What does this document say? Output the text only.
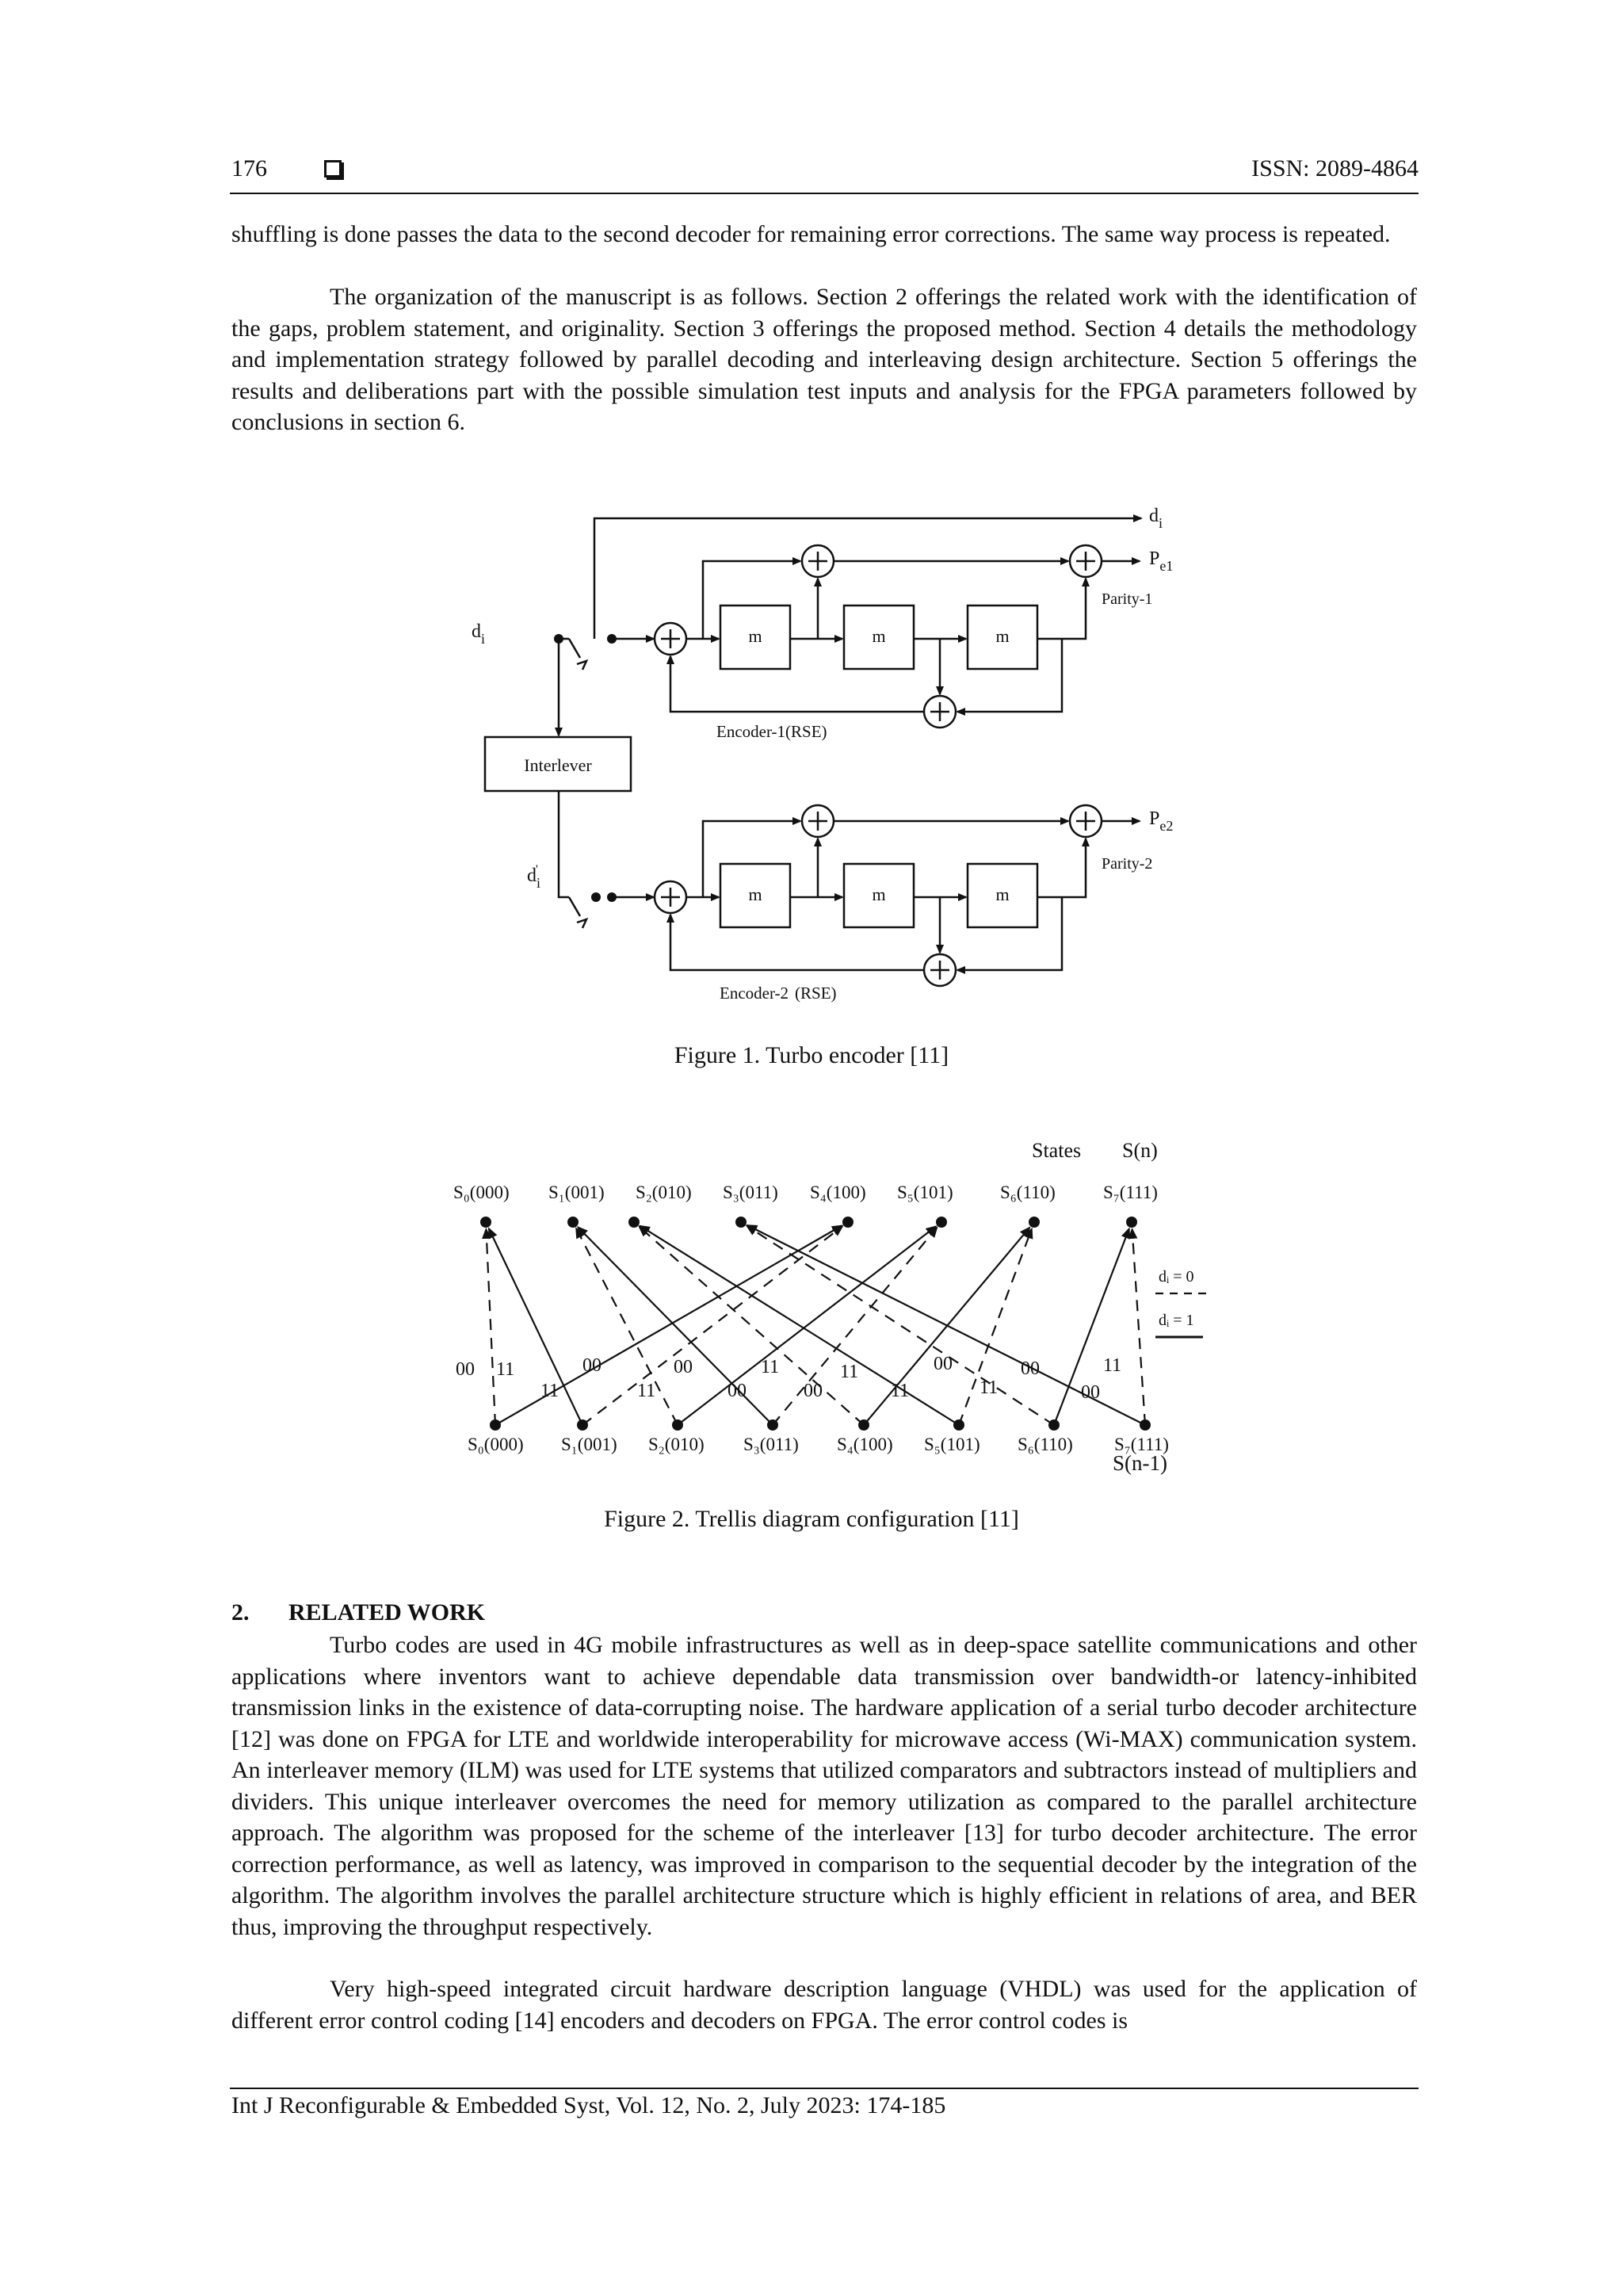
176	ISSN: 2089-4864

shuffling is done passes the data to the second decoder for remaining error corrections. The same way process is repeated.

The organization of the manuscript is as follows. Section 2 offerings the related work with the identification of the gaps, problem statement, and originality. Section 3 offerings the proposed method. Section 4 details the methodology and implementation strategy followed by parallel decoding and interleaving design architecture. Section 5 offerings the results and deliberations part with the possible simulation test inputs and analysis for the FPGA parameters followed by conclusions in section 6.

$d_i$
$P_{e1}$
Parity-1
$d_i$	m	m	m
Encoder-1(RSE)
Interlever
$d_i'$
$P_{e2}$
Parity-2
m	m	m
Encoder-2 (RSE)
Figure 1. Turbo encoder [11]
States S(n)
S₀(000) S₁(001) S₂(010) S₃(011) S₄(100) S₅(101)	S₆(110)	S₇(111)
S₀(000) S₁(001) S₂(010) S₃(011) S₄(100) S₅(101) S₆(110) S₇(111)
00 11
11
00
11
00
00
11
00
11
11
00
11
00
00
11
S(n-1)
dᵢ = 0
dᵢ = 1
Figure 2. Trellis diagram configuration [11]
2. RELATED WORK

Turbo codes are used in 4G mobile infrastructures as well as in deep-space satellite communications and other applications where inventors want to achieve dependable data transmission over bandwidth-or latency-inhibited transmission links in the existence of data-corrupting noise. The hardware application of a serial turbo decoder architecture [12] was done on FPGA for LTE and worldwide interoperability for microwave access (Wi-MAX) communication system. An interleaver memory (ILM) was used for LTE systems that utilized comparators and subtractors instead of multipliers and dividers. This unique interleaver overcomes the need for memory utilization as compared to the parallel architecture approach. The algorithm was proposed for the scheme of the interleaver [13] for turbo decoder architecture. The error correction performance, as well as latency, was improved in comparison to the sequential decoder by the integration of the algorithm. The algorithm involves the parallel architecture structure which is highly efficient in relations of area, and BER thus, improving the throughput respectively.

Very high-speed integrated circuit hardware description language (VHDL) was used for the application of different error control coding [14] encoders and decoders on FPGA. The error control codes is

Int J Reconfigurable & Embedded Syst, Vol. 12, No. 2, July 2023: 174-185
